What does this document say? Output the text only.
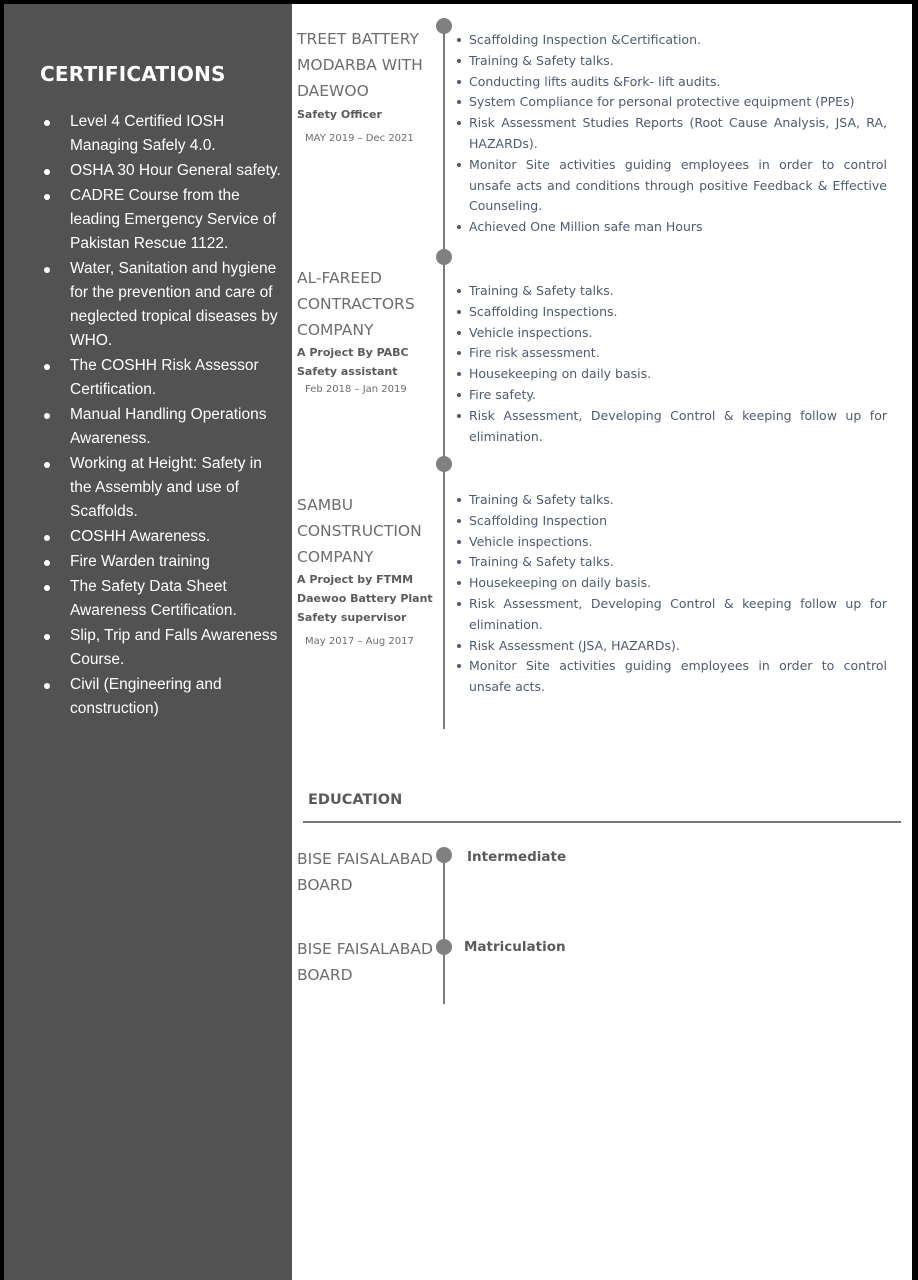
CERTIFICATIONS
Level 4 Certified IOSH Managing Safely 4.0.
OSHA 30 Hour General safety.
CADRE Course from the leading Emergency Service of Pakistan Rescue 1122.
Water, Sanitation and hygiene for the prevention and care of neglected tropical diseases by WHO.
The COSHH Risk Assessor Certification.
Manual Handling Operations Awareness.
Working at Height: Safety in the Assembly and use of Scaffolds.
COSHH Awareness.
Fire Warden training
The Safety Data Sheet Awareness Certification.
Slip, Trip and Falls Awareness Course.
Civil (Engineering and construction)
TREET BATTERY MODARBA WITH DAEWOO
Safety Officer
MAY 2019 – Dec 2021
Scaffolding Inspection &Certification.
Training & Safety talks.
Conducting lifts audits &Fork- lift audits.
System Compliance for personal protective equipment (PPEs)
Risk Assessment Studies Reports (Root Cause Analysis, JSA, RA, HAZARDs).
Monitor Site activities guiding employees in order to control unsafe acts and conditions through positive Feedback & Effective Counseling.
Achieved One Million safe man Hours
AL-FAREED CONTRACTORS COMPANY
A Project By PABC
Safety assistant
Feb 2018 – Jan 2019
Training & Safety talks.
Scaffolding Inspections.
Vehicle inspections.
Fire risk assessment.
Housekeeping on daily basis.
Fire safety.
Risk Assessment, Developing Control & keeping follow up for elimination.
SAMBU CONSTRUCTION COMPANY
A Project by FTMM Daewoo Battery Plant
Safety supervisor
May 2017 – Aug 2017
Training & Safety talks.
Scaffolding Inspection
Vehicle inspections.
Training & Safety talks.
Housekeeping on daily basis.
Risk Assessment, Developing Control & keeping follow up for elimination.
Risk Assessment (JSA, HAZARDs).
Monitor Site activities guiding employees in order to control unsafe acts.
EDUCATION
BISE FAISALABAD BOARD
Intermediate
BISE FAISALABAD BOARD
Matriculation
